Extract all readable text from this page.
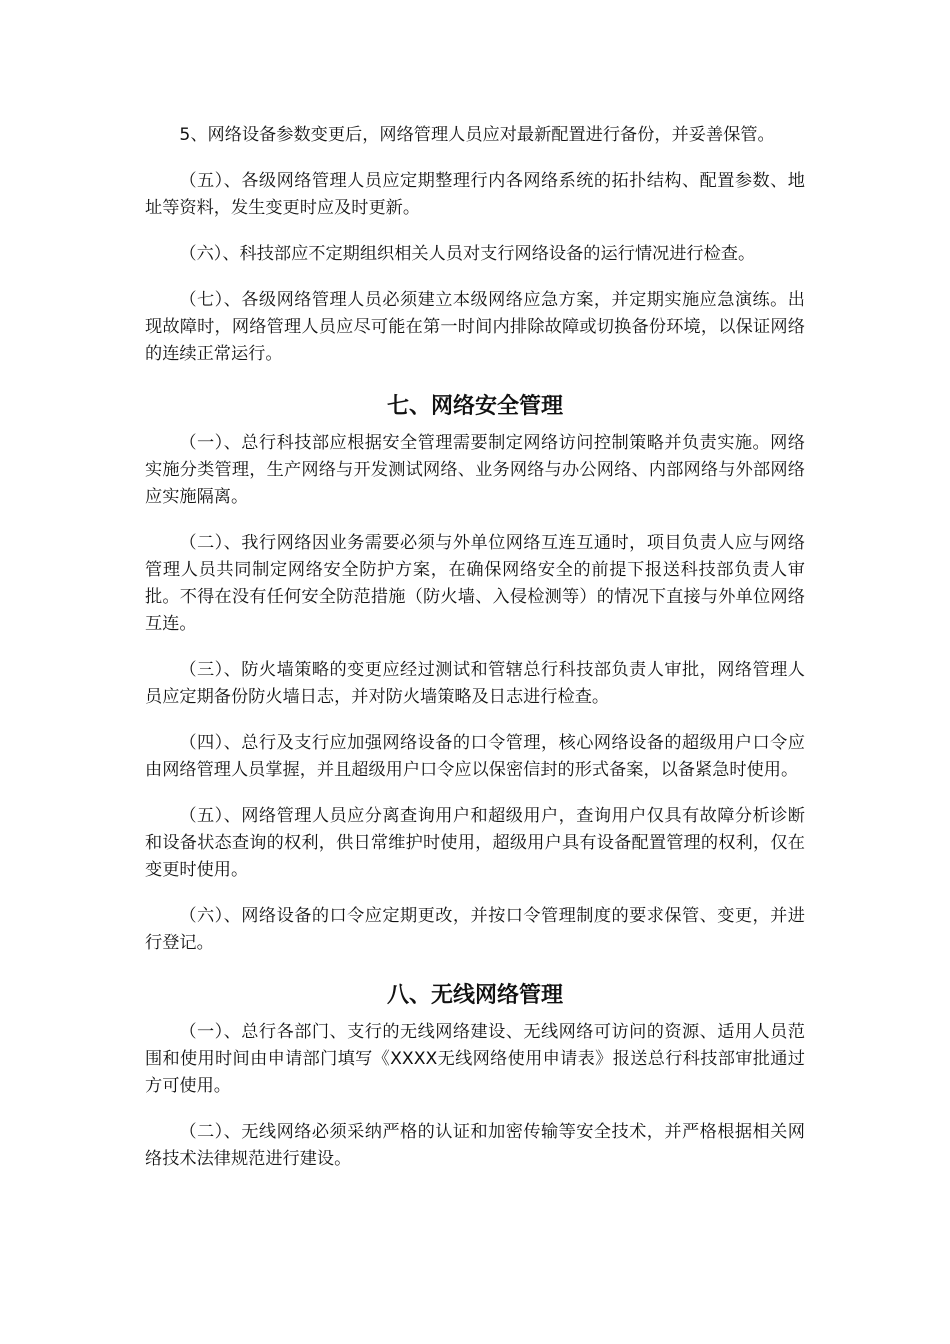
5、网络设备参数变更后，网络管理人员应对最新配置进行备份，并妥善保管。

（五）、各级网络管理人员应定期整理行内各网络系统的拓扑结构、配置参数、地址等资料，发生变更时应及时更新。

（六）、科技部应不定期组织相关人员对支行网络设备的运行情况进行检查。

（七）、各级网络管理人员必须建立本级网络应急方案，并定期实施应急演练。出现故障时，网络管理人员应尽可能在第一时间内排除故障或切换备份环境，以保证网络的连续正常运行。

七、网络安全管理

（一）、总行科技部应根据安全管理需要制定网络访问控制策略并负责实施。网络实施分类管理，生产网络与开发测试网络、业务网络与办公网络、内部网络与外部网络应实施隔离。

（二）、我行网络因业务需要必须与外单位网络互连互通时，项目负责人应与网络管理人员共同制定网络安全防护方案，在确保网络安全的前提下报送科技部负责人审批。不得在没有任何安全防范措施（防火墙、入侵检测等）的情况下直接与外单位网络互连。

（三）、防火墙策略的变更应经过测试和管辖总行科技部负责人审批，网络管理人员应定期备份防火墙日志，并对防火墙策略及日志进行检查。

（四）、总行及支行应加强网络设备的口令管理，核心网络设备的超级用户口令应由网络管理人员掌握，并且超级用户口令应以保密信封的形式备案，以备紧急时使用。

（五）、网络管理人员应分离查询用户和超级用户，查询用户仅具有故障分析诊断和设备状态查询的权利，供日常维护时使用，超级用户具有设备配置管理的权利，仅在变更时使用。

（六）、网络设备的口令应定期更改，并按口令管理制度的要求保管、变更，并进行登记。

八、无线网络管理

（一）、总行各部门、支行的无线网络建设、无线网络可访问的资源、适用人员范围和使用时间由申请部门填写《XXXX无线网络使用申请表》报送总行科技部审批通过方可使用。

（二）、无线网络必须采纳严格的认证和加密传输等安全技术，并严格根据相关网络技术法律规范进行建设。
